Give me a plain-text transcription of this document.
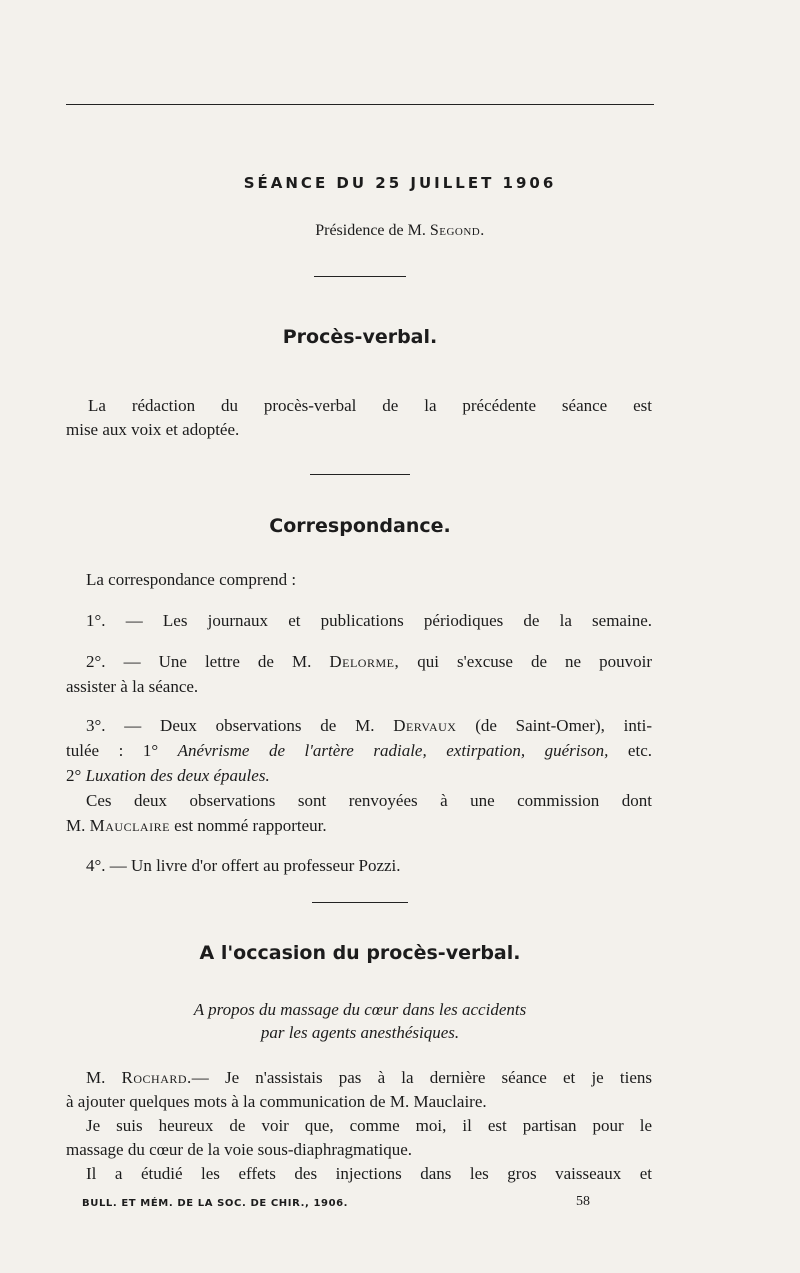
SÉANCE DU 25 JUILLET 1906
Présidence de M. Segond.
Procès-verbal.
La rédaction du procès-verbal de la précédente séance est
mise aux voix et adoptée.
Correspondance.
La correspondance comprend :
1°. — Les journaux et publications périodiques de la semaine.
2°. — Une lettre de M. Delorme, qui s'excuse de ne pouvoir
assister à la séance.
3°. — Deux observations de M. Dervaux (de Saint-Omer), inti-
tulée : 1° Anévrisme de l'artère radiale, extirpation, guérison, etc.
2° Luxation des deux épaules.
Ces deux observations sont renvoyées à une commission dont
M. Mauclaire est nommé rapporteur.
4°. — Un livre d'or offert au professeur Pozzi.
A l'occasion du procès-verbal.
A propos du massage du cœur dans les accidents
par les agents anesthésiques.
M. Rochard.— Je n'assistais pas à la dernière séance et je tiens
à ajouter quelques mots à la communication de M. Mauclaire.
Je suis heureux de voir que, comme moi, il est partisan pour le
massage du cœur de la voie sous-diaphragmatique.
Il a étudié les effets des injections dans les gros vaisseaux et
BULL. ET MÉM. DE LA SOC. DE CHIR., 1906.	58
